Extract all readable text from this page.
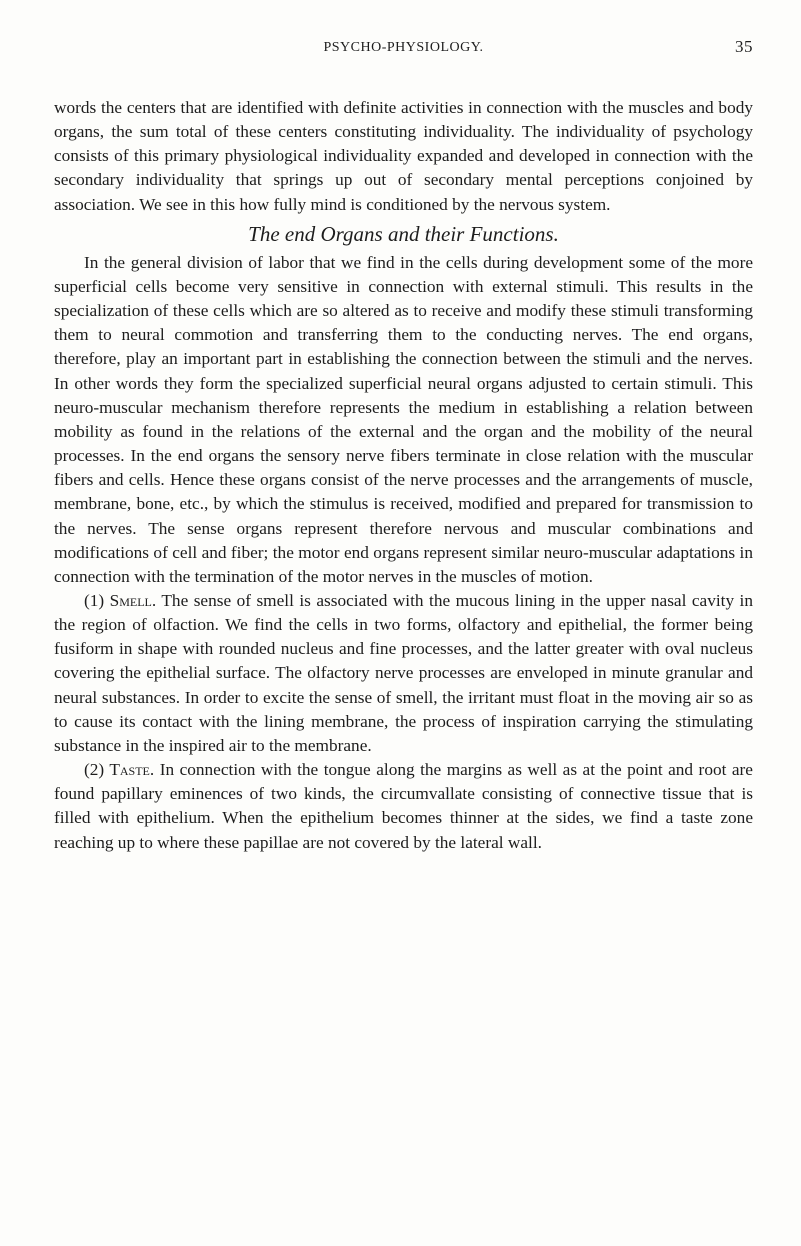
PSYCHO-PHYSIOLOGY.	35

words the centers that are identified with definite activities in connection with the muscles and body organs, the sum total of these centers constituting individuality. The individuality of psychology consists of this primary physiological individuality expanded and developed in connection with the secondary individuality that springs up out of secondary mental perceptions conjoined by association. We see in this how fully mind is conditioned by the nervous system.

The end Organs and their Functions.

In the general division of labor that we find in the cells during development some of the more superficial cells become very sensitive in connection with external stimuli. This results in the specialization of these cells which are so altered as to receive and modify these stimuli transforming them to neural commotion and transferring them to the conducting nerves. The end organs, therefore, play an important part in establishing the connection between the stimuli and the nerves. In other words they form the specialized superficial neural organs adjusted to certain stimuli. This neuro-muscular mechanism therefore represents the medium in establishing a relation between mobility as found in the relations of the external and the organ and the mobility of the neural processes. In the end organs the sensory nerve fibers terminate in close relation with the muscular fibers and cells. Hence these organs consist of the nerve processes and the arrangements of muscle, membrane, bone, etc., by which the stimulus is received, modified and prepared for transmission to the nerves. The sense organs represent therefore nervous and muscular combinations and modifications of cell and fiber; the motor end organs represent similar neuro-muscular adaptations in connection with the termination of the motor nerves in the muscles of motion.

(1) Smell. The sense of smell is associated with the mucous lining in the upper nasal cavity in the region of olfaction. We find the cells in two forms, olfactory and epithelial, the former being fusiform in shape with rounded nucleus and fine processes, and the latter greater with oval nucleus covering the epithelial surface. The olfactory nerve processes are enveloped in minute granular and neural substances. In order to excite the sense of smell, the irritant must float in the moving air so as to cause its contact with the lining membrane, the process of inspiration carrying the stimulating substance in the inspired air to the membrane.

(2) Taste. In connection with the tongue along the margins as well as at the point and root are found papillary eminences of two kinds, the circumvallate consisting of connective tissue that is filled with epithelium. When the epithelium becomes thinner at the sides, we find a taste zone reaching up to where these papillae are not covered by the lateral wall.
